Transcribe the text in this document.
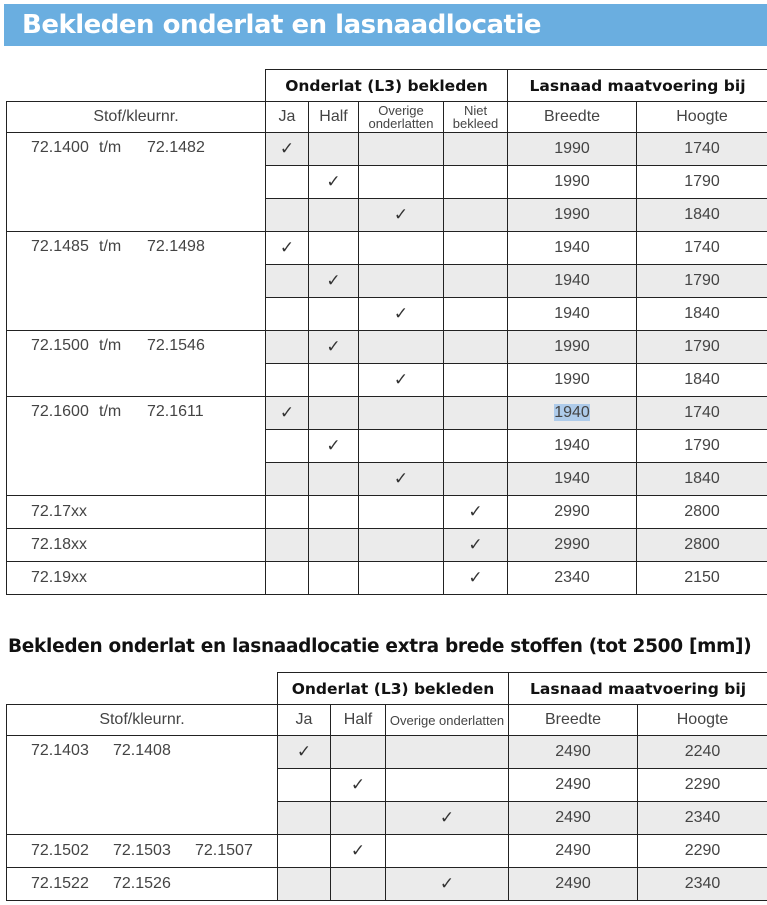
Bekleden onderlat en lasnaadlocatie
	Onderlat (L3) bekleden				Lasnaad maatvoering bij	
Stof/kleurnr.	Ja	Half	Overige onderlatten	Niet bekleed	Breedte	Hoogte
72.1400 t/m 72.1482	✓				1990	1740
		✓			1990	1790
			✓		1990	1840
72.1485 t/m 72.1498	✓				1940	1740
		✓			1940	1790
			✓		1940	1840
72.1500 t/m 72.1546		✓			1990	1790
			✓		1990	1840
72.1600 t/m 72.1611	✓				1940	1740
		✓			1940	1790
			✓		1940	1840
72.17xx				✓	2990	2800
72.18xx				✓	2990	2800
72.19xx				✓	2340	2150
Bekleden onderlat en lasnaadlocatie extra brede stoffen (tot 2500 [mm])
	Onderlat (L3) bekleden			Lasnaad maatvoering bij	
Stof/kleurnr.	Ja	Half	Overige onderlatten	Breedte	Hoogte
72.1403 72.1408	✓			2490	2240
		✓		2490	2290
			✓	2490	2340
72.1502 72.1503 72.1507		✓		2490	2290
72.1522 72.1526			✓	2490	2340
